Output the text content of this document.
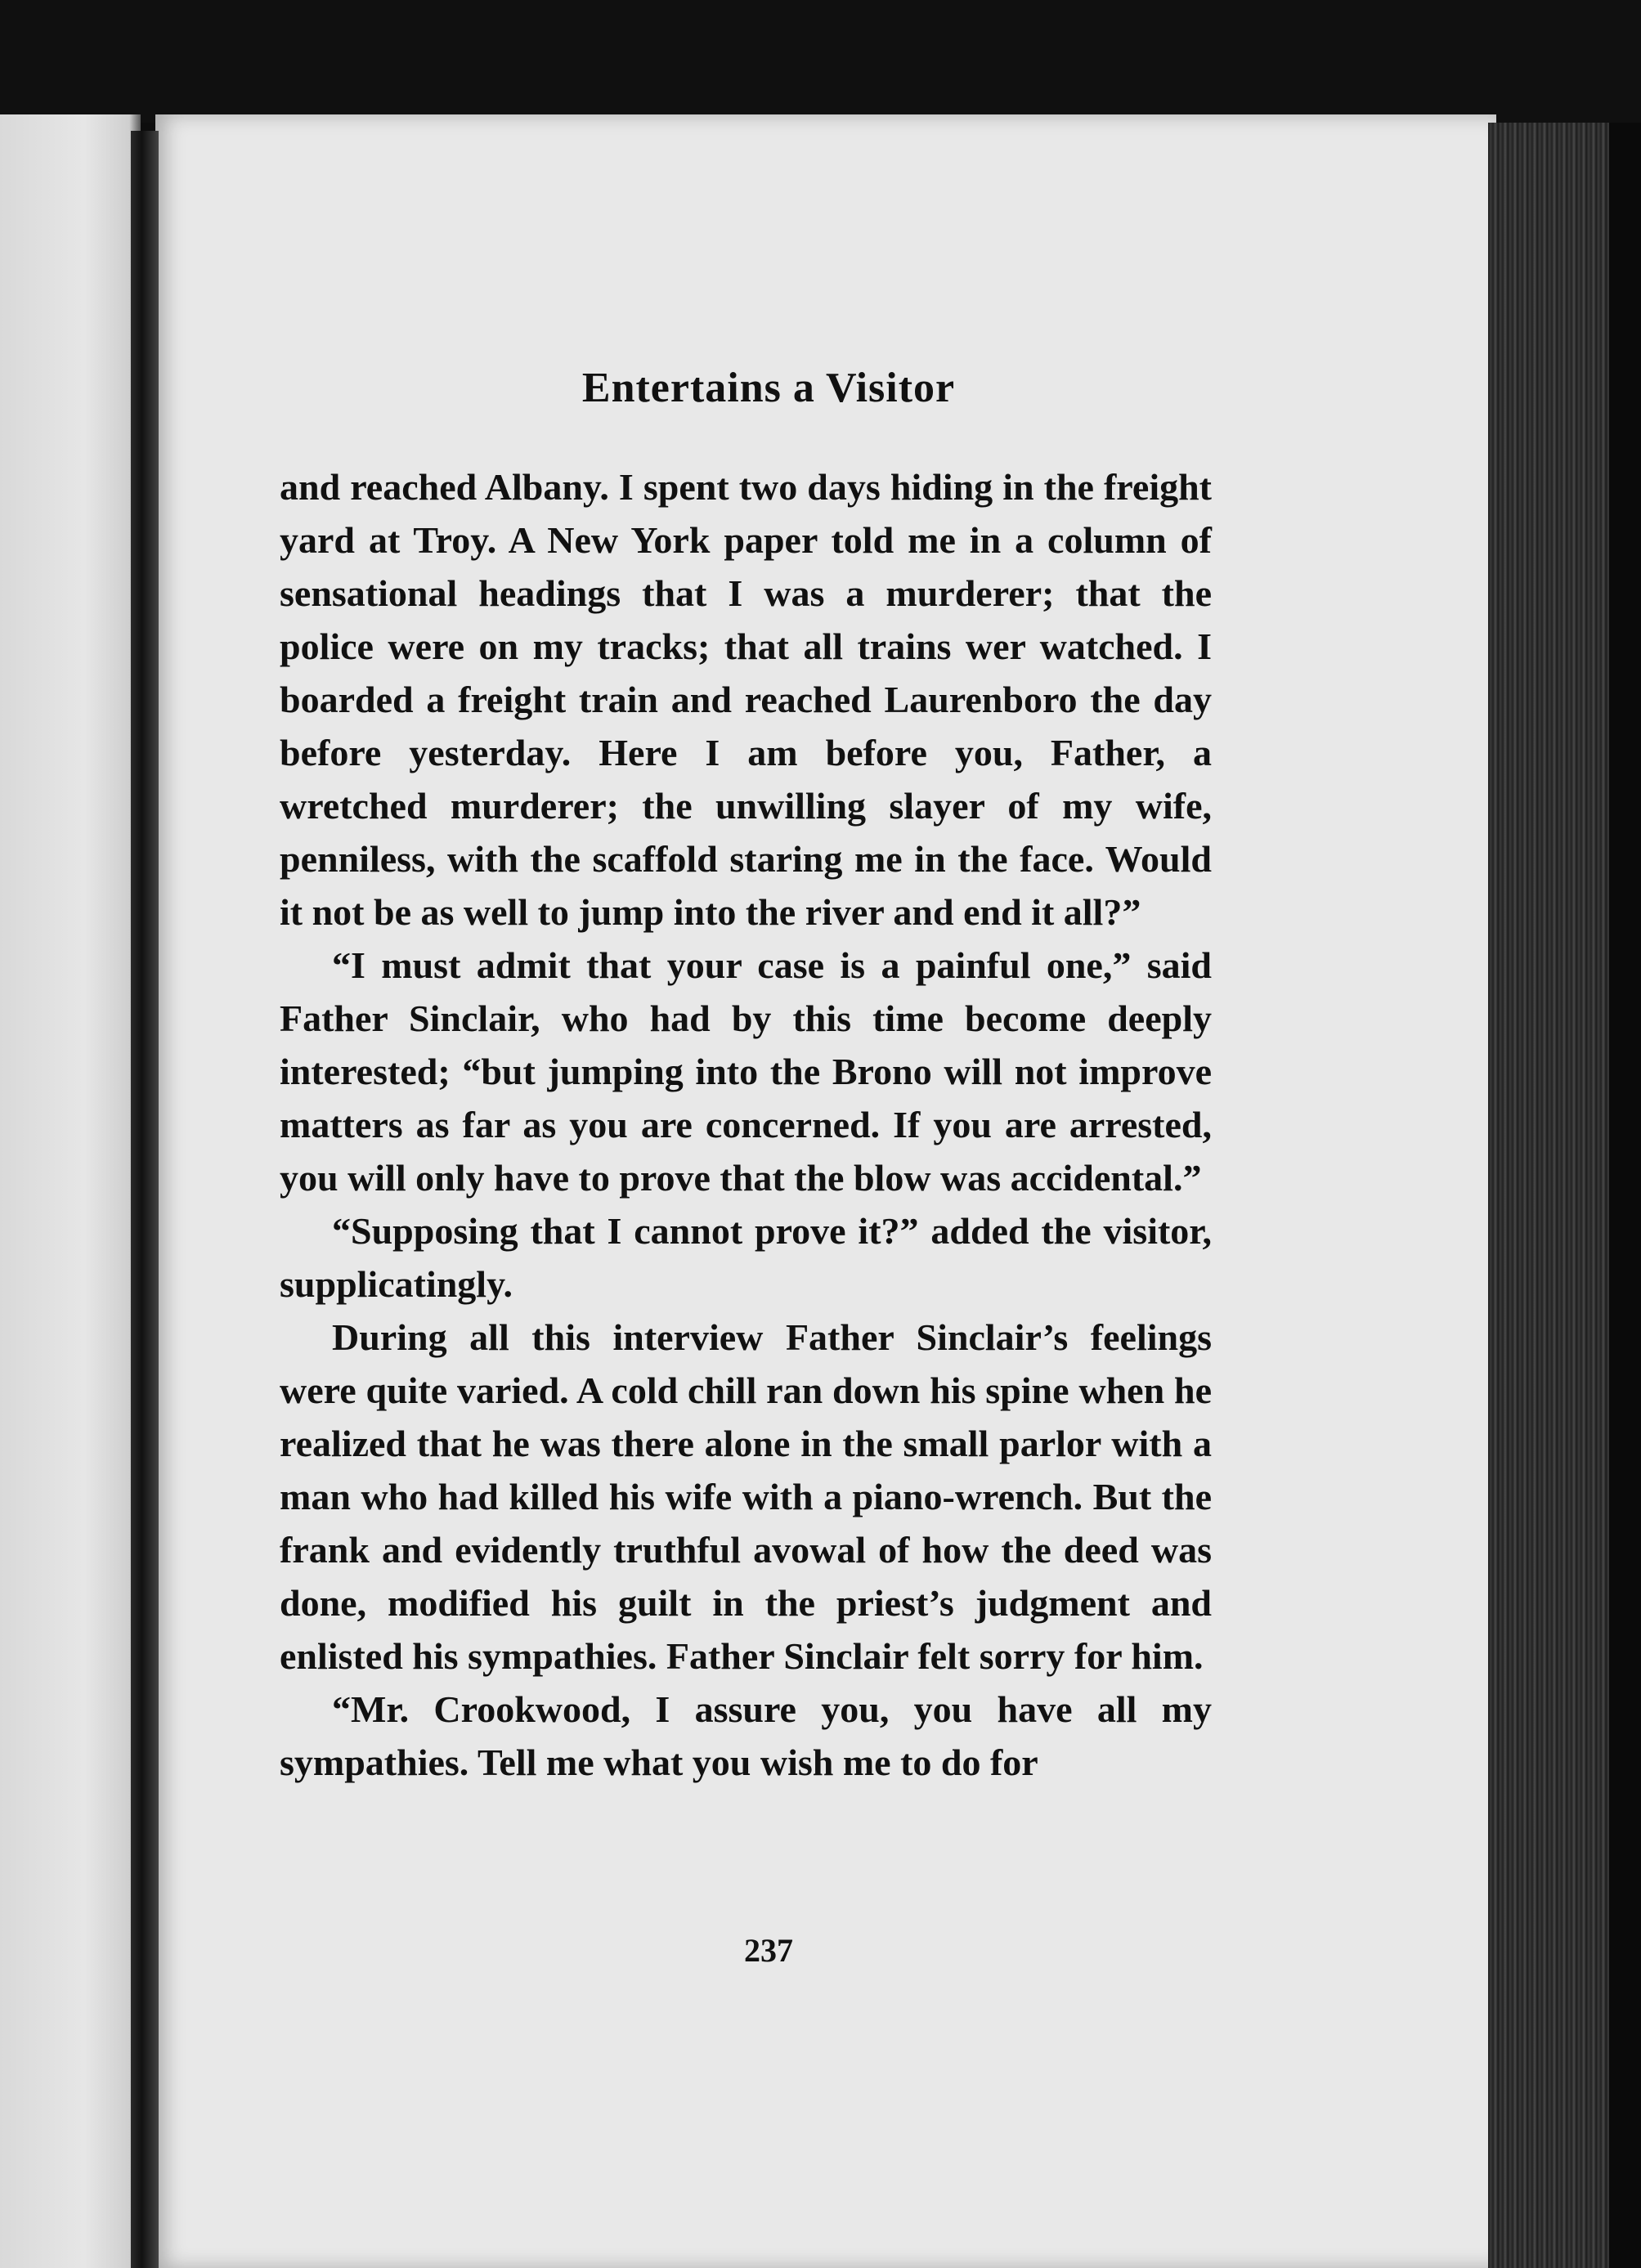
Entertains a Visitor

and reached Albany. I spent two days hiding in the freight yard at Troy. A New York paper told me in a column of sensational headings that I was a murderer; that the police were on my tracks; that all trains wer watched. I boarded a freight train and reached Laurenboro the day before yesterday. Here I am before you, Father, a wretched murderer; the unwilling slayer of my wife, penniless, with the scaffold staring me in the face. Would it not be as well to jump into the river and end it all?”

“I must admit that your case is a painful one,” said Father Sinclair, who had by this time become deeply interested; “but jumping into the Brono will not improve matters as far as you are concerned. If you are arrested, you will only have to prove that the blow was accidental.”

“Supposing that I cannot prove it?” added the visitor, supplicatingly.

During all this interview Father Sinclair’s feelings were quite varied. A cold chill ran down his spine when he realized that he was there alone in the small parlor with a man who had killed his wife with a piano-wrench. But the frank and evidently truthful avowal of how the deed was done, modified his guilt in the priest’s judgment and enlisted his sympathies. Father Sinclair felt sorry for him.

“Mr. Crookwood, I assure you, you have all my sympathies. Tell me what you wish me to do for

237
